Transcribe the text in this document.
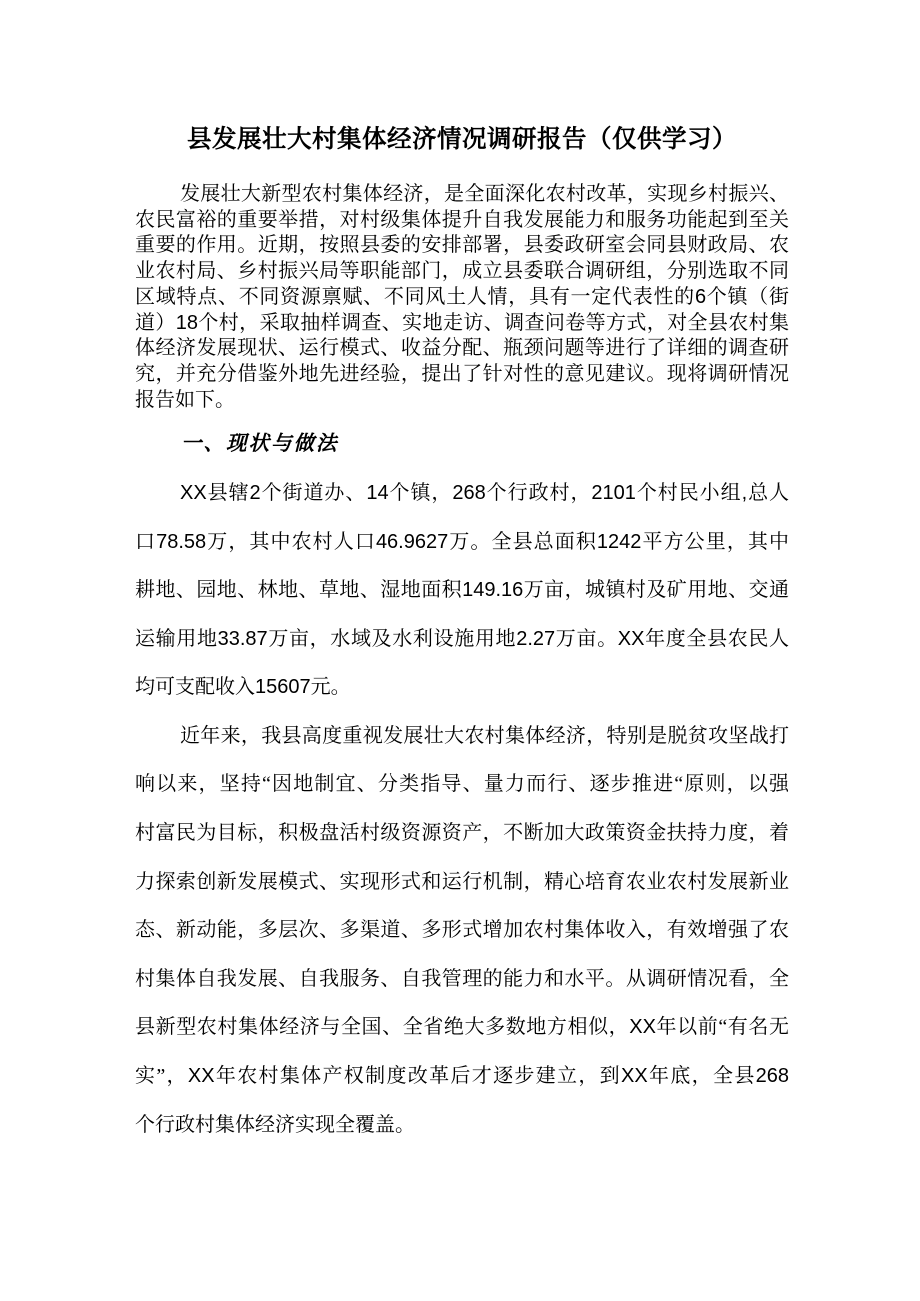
县发展壮大村集体经济情况调研报告（仅供学习）
发展壮大新型农村集体经济，是全面深化农村改革，实现乡村振兴、
农民富裕的重要举措，对村级集体提升自我发展能力和服务功能起到至关
重要的作用。近期，按照县委的安排部署，县委政研室会同县财政局、农
业农村局、乡村振兴局等职能部门，成立县委联合调研组，分别选取不同
区域特点、不同资源禀赋、不同风土人情，具有一定代表性的6个镇（街
道）18个村，采取抽样调查、实地走访、调查问卷等方式，对全县农村集
体经济发展现状、运行模式、收益分配、瓶颈问题等进行了详细的调查研
究，并充分借鉴外地先进经验，提出了针对性的意见建议。现将调研情况
报告如下。
一、现状与做法
XX县辖2个街道办、14个镇，268个行政村，2101个村民小组,总人
口78.58万，其中农村人口46.9627万。全县总面积1242平方公里，其中
耕地、园地、林地、草地、湿地面积149.16万亩，城镇村及矿用地、交通
运输用地33.87万亩，水域及水利设施用地2.27万亩。XX年度全县农民人
均可支配收入15607元。
近年来，我县高度重视发展壮大农村集体经济，特别是脱贫攻坚战打
响以来，坚持“因地制宜、分类指导、量力而行、逐步推进“原则，以强
村富民为目标，积极盘活村级资源资产，不断加大政策资金扶持力度，着
力探索创新发展模式、实现形式和运行机制，精心培育农业农村发展新业
态、新动能，多层次、多渠道、多形式增加农村集体收入，有效增强了农
村集体自我发展、自我服务、自我管理的能力和水平。从调研情况看，全
县新型农村集体经济与全国、全省绝大多数地方相似，XX年以前“有名无
实”，XX年农村集体产权制度改革后才逐步建立，到XX年底，全县268
个行政村集体经济实现全覆盖。
